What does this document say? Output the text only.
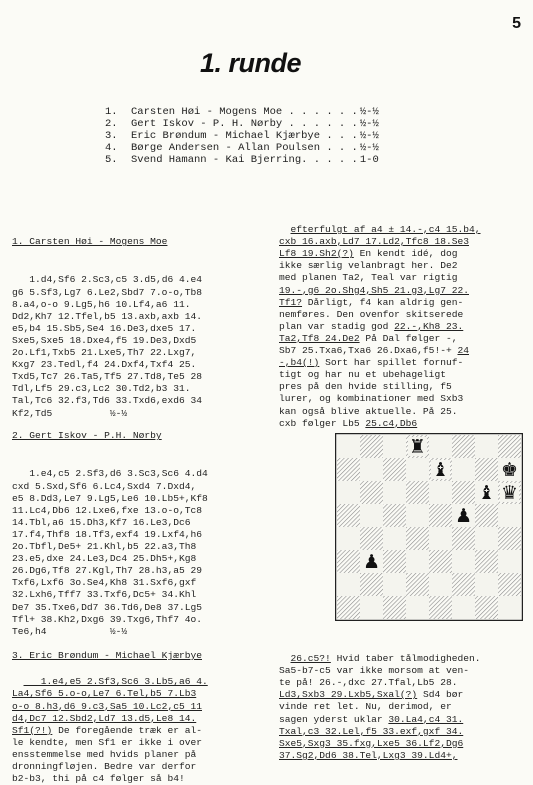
5
1. runde
1.	Carsten Høi - Mogens Moe . . . . . . ½-½
2.	Gert Iskov - P. H. Nørby . . . . . . ½-½
3.	Eric Brøndum - Michael Kjærbye . . . ½-½
4.	Børge Andersen - Allan Poulsen . . . ½-½
5.	Svend Hamann - Kai Bjerring. . . . . 1-0

1. Carsten Høi - Mogens Moe

1.d4,Sf6 2.Sc3,c5 3.d5,d6 4.e4
g6 5.Sf3,Lg7 6.Le2,Sbd7 7.o-o,Tb8
8.a4,o-o 9.Lg5,h6 10.Lf4,a6 11.
Dd2,Kh7 12.Tfel,b5 13.axb,axb 14.
e5,b4 15.Sb5,Se4 16.De3,dxe5 17.
Sxe5,Sxe5 18.Dxe4,f5 19.De3,Dxd5
2o.Lf1,Txb5 21.Lxe5,Th7 22.Lxg7,
Kxg7 23.Tedl,f4 24.Dxf4,Txf4 25.
Txd5,Tc7 26.Ta5,Tf5 27.Td8,Te5 28
Tdl,Lf5 29.c3,Lc2 30.Td2,b3 31.
Tal,Tc6 32.f3,Td6 33.Txd6,exd6 34
Kf2,Td5          ½-½

2. Gert Iskov - P.H. Nørby

1.e4,c5 2.Sf3,d6 3.Sc3,Sc6 4.d4
cxd 5.Sxd,Sf6 6.Lc4,Sxd4 7.Dxd4,
e5 8.Dd3,Le7 9.Lg5,Le6 10.Lb5+,Kf8
11.Lc4,Db6 12.Lxe6,fxe 13.o-o,Tc8
14.Tbl,a6 15.Dh3,Kf7 16.Le3,Dc6
17.f4,Thf8 18.Tf3,exf4 19.Lxf4,h6
2o.Tbfl,De5+ 21.Khl,b5 22.a3,Th8
23.e5,dxe 24.Le3,Dc4 25.Dh5+,Kg8
26.Dg6,Tf8 27.Kgl,Th7 28.h3,a5 29
Txf6,Lxf6 3o.Se4,Kh8 31.Sxf6,gxf
32.Lxh6,Tff7 33.Txf6,Dc5+ 34.Khl
De7 35.Txe6,Dd7 36.Td6,De8 37.Lg5
Tfl+ 38.Kh2,Dxg6 39.Txg6,Thf7 4o.
Te6,h4           ½-½

3. Eric Brøndum - Michael Kjærbye

1.e4,e5 2.Sf3,Sc6 3.Lb5,a6 4.
La4,Sf6 5.o-o,Le7 6.Tel,b5 7.Lb3
o-o 8.h3,d6 9.c3,Sa5 10.Lc2,c5 11
d4,Dc7 12.Sbd2,Ld7 13.d5,Le8 14.
Sf1(?!) De foregående træk er al-
le kendte, men Sf1 er ikke i over
ensstemmelse med hvids planer på
dronningfløjen. Bedre var derfor
b2-b3, thi på c4 følger så b4!

efterfulgt af a4 ± 14.-,c4 15.b4,
cxb 16.axb,Ld7 17.Ld2,Tfc8 18.Se3
Lf8 19.Sh2(?) En kendt idé, dog
ikke særlig velanbragt her. De2
med planen Ta2, Teal var rigtig
19.-,g6 2o.Shg4,Sh5 21.g3,Lg7 22.
Tf1? Dårligt, f4 kan aldrig gen-
nemføres. Den ovenfor skitserede
plan var stadig god 22.-,Kh8 23.
Ta2,Tf8 24.De2 På Dal følger -,
Sb7 25.Txa6,Txa6 26.Dxa6,f5!-+ 24
-,b4(!) Sort har spillet fornuf-
tigt og har nu et ubehageligt
pres på den hvide stilling, f5
lurer, og kombinationer med Sxb3
kan også blive aktuelle. På 25.
cxb følger Lb5 25.c4,Db6

♜
♝	♚
♝ ♛
♟
♟

26.c5?! Hvid taber tålmodigheden.
Sa5-b7-c5 var ikke morsom at ven-
te på! 26.-,dxc 27.Tfal,Lb5 28.
Ld3,Sxb3 29.Lxb5,Sxal(?) Sd4 bør
vinde ret let. Nu, derimod, er
sagen yderst uklar 30.La4,c4 31.
Txal,c3 32.Lel,f5 33.exf,gxf 34.
Sxe5,Sxg3 35.fxg,Lxe5 36.Lf2,Dg6
37.Sg2,Dd6 38.Tel,Lxg3 39.Ld4+,
